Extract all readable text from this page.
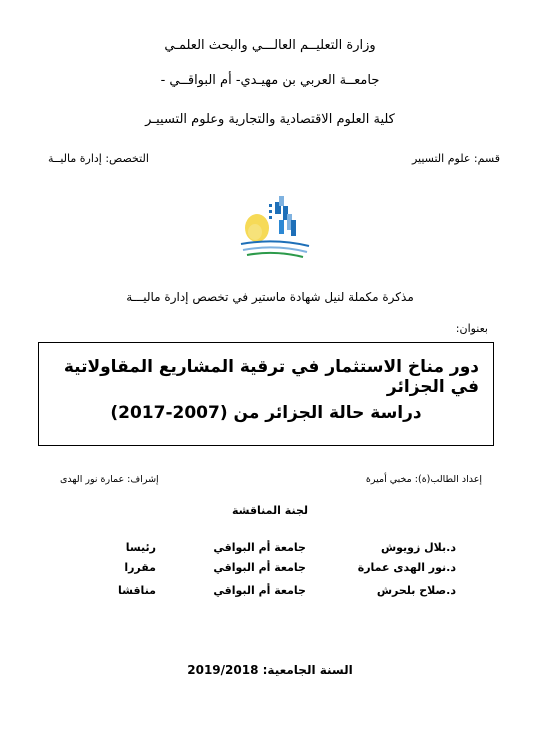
وزارة التعليــم العالـــي والبحث العلمـي
جامعــة العربي بن مهيـدي- أم البواقــي -
كلية العلوم الاقتصادية والتجارية وعلوم التسييـر
قسم: علوم التسيير
التخصص: إدارة ماليــة
مذكرة مكملة لنيل شهادة ماستير في تخصص إدارة ماليـــة
بعنوان:
دور مناخ الاستثمار في ترقية المشاريع المقاولاتية في الجزائر
دراسة حالة الجزائر من (2007-2017)
إعداد الطالب(ة): مخبي أميرة
إشراف: عمارة نور الهدى
لجنة المناقشة
د.بلال زويوش
جامعة أم البواقي
رئيسا
د.نور الهدى عمارة
جامعة أم البواقي
مقررا
د.صلاح بلحرش
جامعة أم البواقي
مناقشا
السنة الجامعية: 2019/2018
